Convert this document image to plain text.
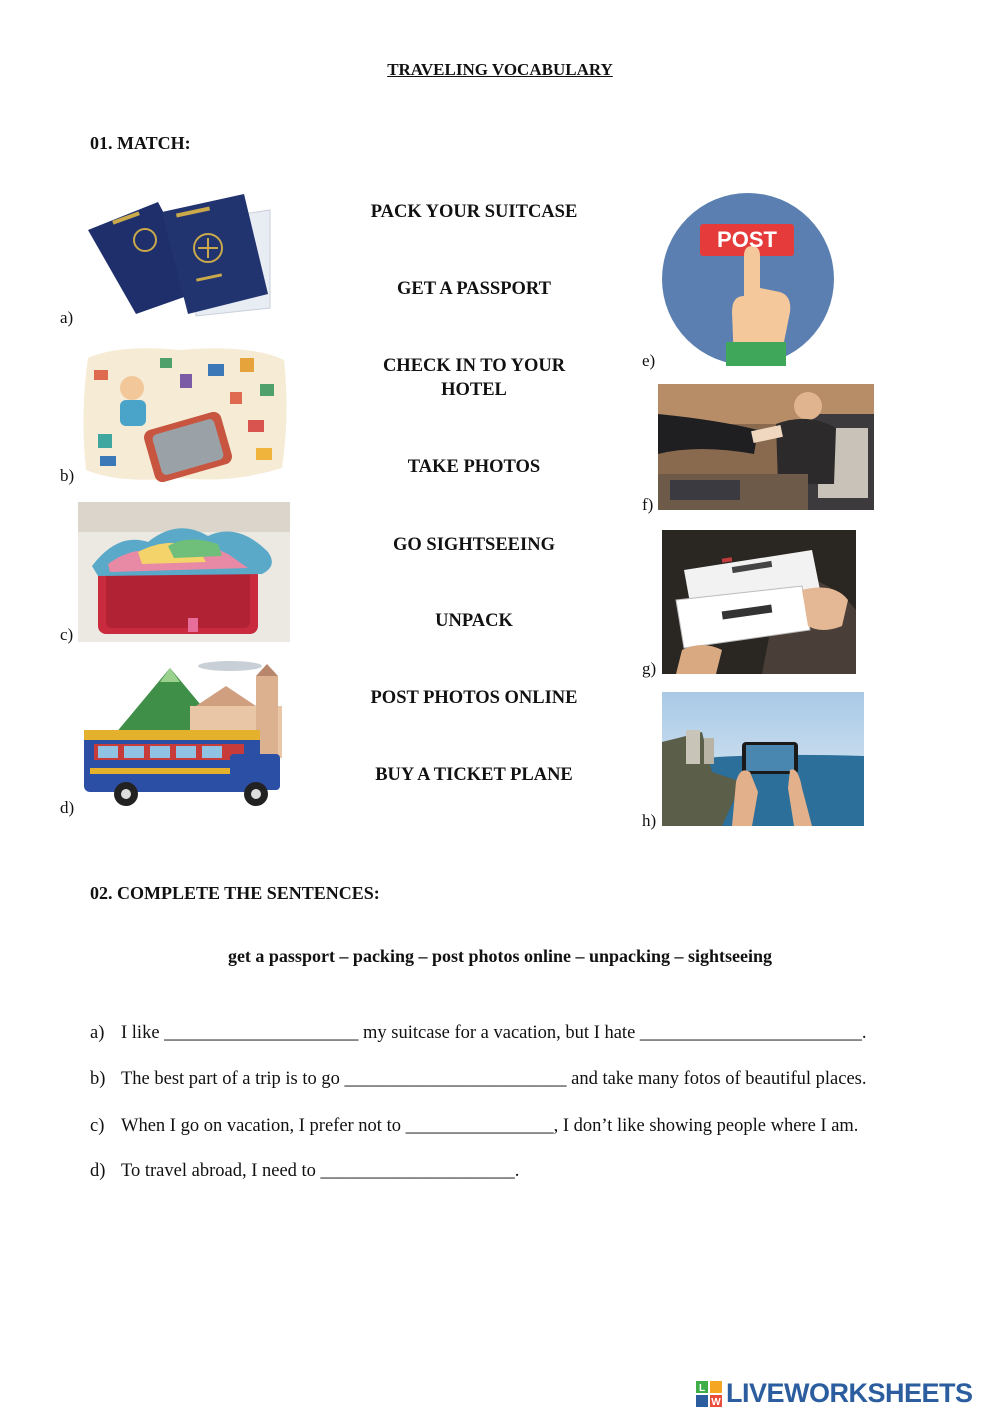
TRAVELING VOCABULARY
01. MATCH:
a)
b)
c)
d)
PACK YOUR SUITCASE
GET A PASSPORT
CHECK IN TO YOUR HOTEL
TAKE PHOTOS
GO SIGHTSEEING
UNPACK
POST PHOTOS ONLINE
BUY A TICKET PLANE
POST
e)
f)
g)
h)
02. COMPLETE THE SENTENCES:
get a passport – packing – post photos online – unpacking – sightseeing
a) I like _____________________ my suitcase for a vacation, but I hate ________________________.
b) The best part of a trip is to go ________________________ and take many fotos of beautiful places.
c) When I go on vacation, I prefer not to ________________, I don’t like showing people where I am.
d) To travel abroad, I need to _____________________.
L
W LIVEWORKSHEETS
